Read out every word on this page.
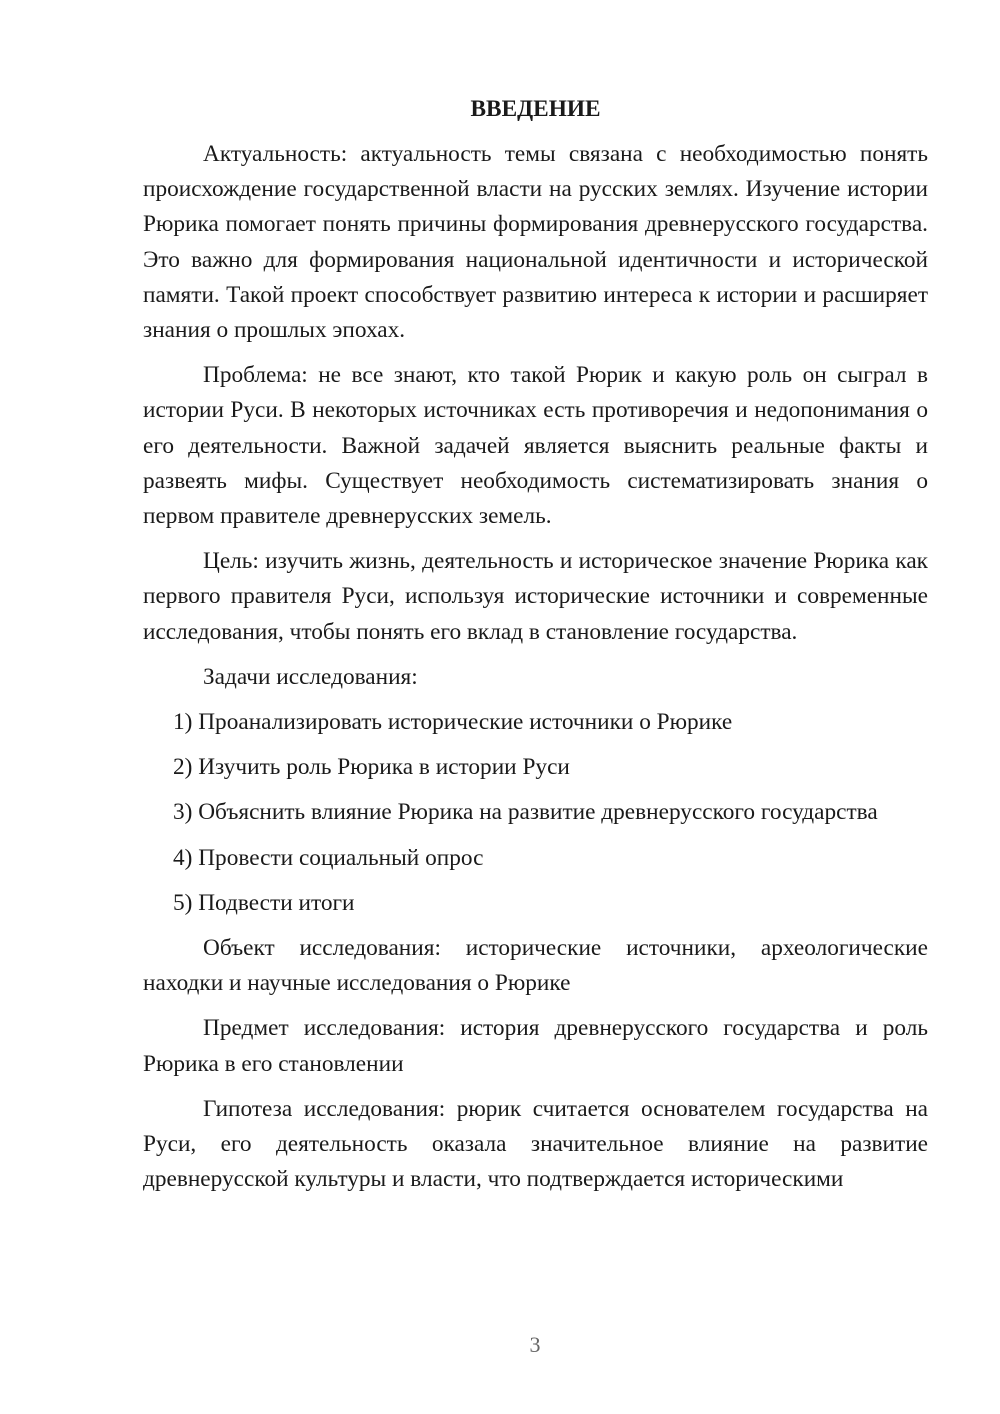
ВВЕДЕНИЕ

Актуальность: актуальность темы связана с необходимостью понять происхождение государственной власти на русских землях. Изучение истории Рюрика помогает понять причины формирования древнерусского государства. Это важно для формирования национальной идентичности и исторической памяти. Такой проект способствует развитию интереса к истории и расширяет знания о прошлых эпохах.

Проблема: не все знают, кто такой Рюрик и какую роль он сыграл в истории Руси. В некоторых источниках есть противоречия и недопонимания о его деятельности. Важной задачей является выяснить реальные факты и развеять мифы. Существует необходимость систематизировать знания о первом правителе древнерусских земель.

Цель: изучить жизнь, деятельность и историческое значение Рюрика как первого правителя Руси, используя исторические источники и современные исследования, чтобы понять его вклад в становление государства.

Задачи исследования:

1) Проанализировать исторические источники о Рюрике

2) Изучить роль Рюрика в истории Руси

3) Объяснить влияние Рюрика на развитие древнерусского государства

4) Провести социальный опрос

5) Подвести итоги

Объект исследования: исторические источники, археологические находки и научные исследования о Рюрике

Предмет исследования: история древнерусского государства и роль Рюрика в его становлении

Гипотеза исследования: рюрик считается основателем государства на Руси, его деятельность оказала значительное влияние на развитие древнерусской культуры и власти, что подтверждается историческими

3
